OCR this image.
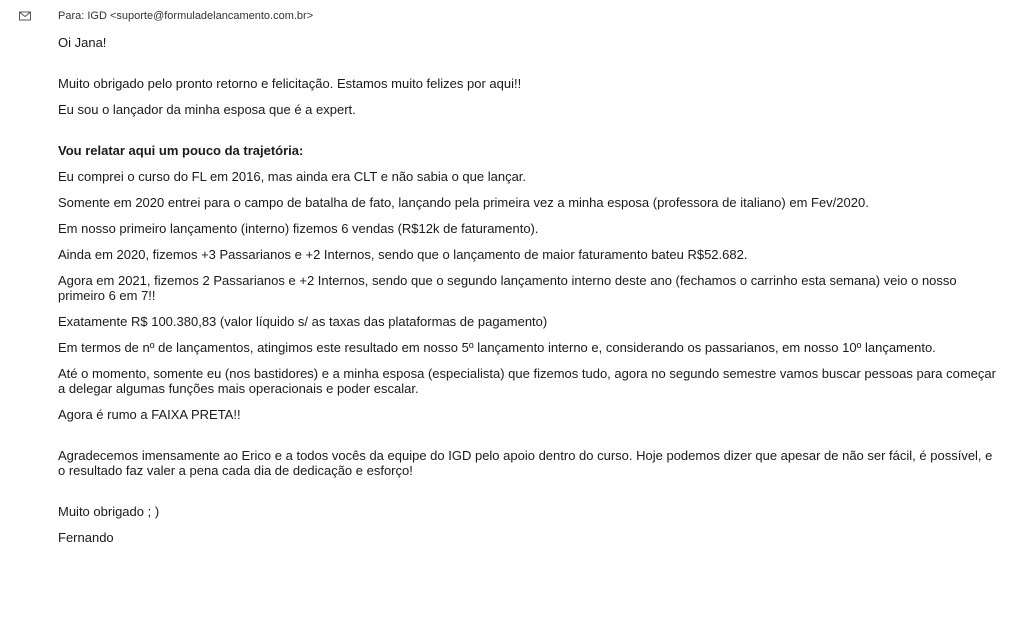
Para: IGD <suporte@formuladelancamento.com.br>

Oi Jana!

Muito obrigado pelo pronto retorno e felicitação. Estamos muito felizes por aqui!!

Eu sou o lançador da minha esposa que é a expert.

Vou relatar aqui um pouco da trajetória:

Eu comprei o curso do FL em 2016, mas ainda era CLT e não sabia o que lançar.

Somente em 2020 entrei para o campo de batalha de fato, lançando pela primeira vez a minha esposa (professora de italiano) em Fev/2020.

Em nosso primeiro lançamento (interno) fizemos 6 vendas (R$12k de faturamento).

Ainda em 2020, fizemos +3 Passarianos e +2 Internos, sendo que o lançamento de maior faturamento bateu R$52.682.

Agora em 2021, fizemos 2 Passarianos e +2 Internos, sendo que o segundo lançamento interno deste ano (fechamos o carrinho esta semana) veio o nosso primeiro 6 em 7!!

Exatamente R$ 100.380,83 (valor líquido s/ as taxas das plataformas de pagamento)

Em termos de nº de lançamentos, atingimos este resultado em nosso 5º lançamento interno e, considerando os passarianos, em nosso 10º lançamento.

Até o momento, somente eu (nos bastidores) e a minha esposa (especialista) que fizemos tudo, agora no segundo semestre vamos buscar pessoas para começar a delegar algumas funções mais operacionais e poder escalar.

Agora é rumo a FAIXA PRETA!!

Agradecemos imensamente ao Erico e a todos vocês da equipe do IGD pelo apoio dentro do curso. Hoje podemos dizer que apesar de não ser fácil, é possível, e o resultado faz valer a pena cada dia de dedicação e esforço!

Muito obrigado ; )

Fernando
